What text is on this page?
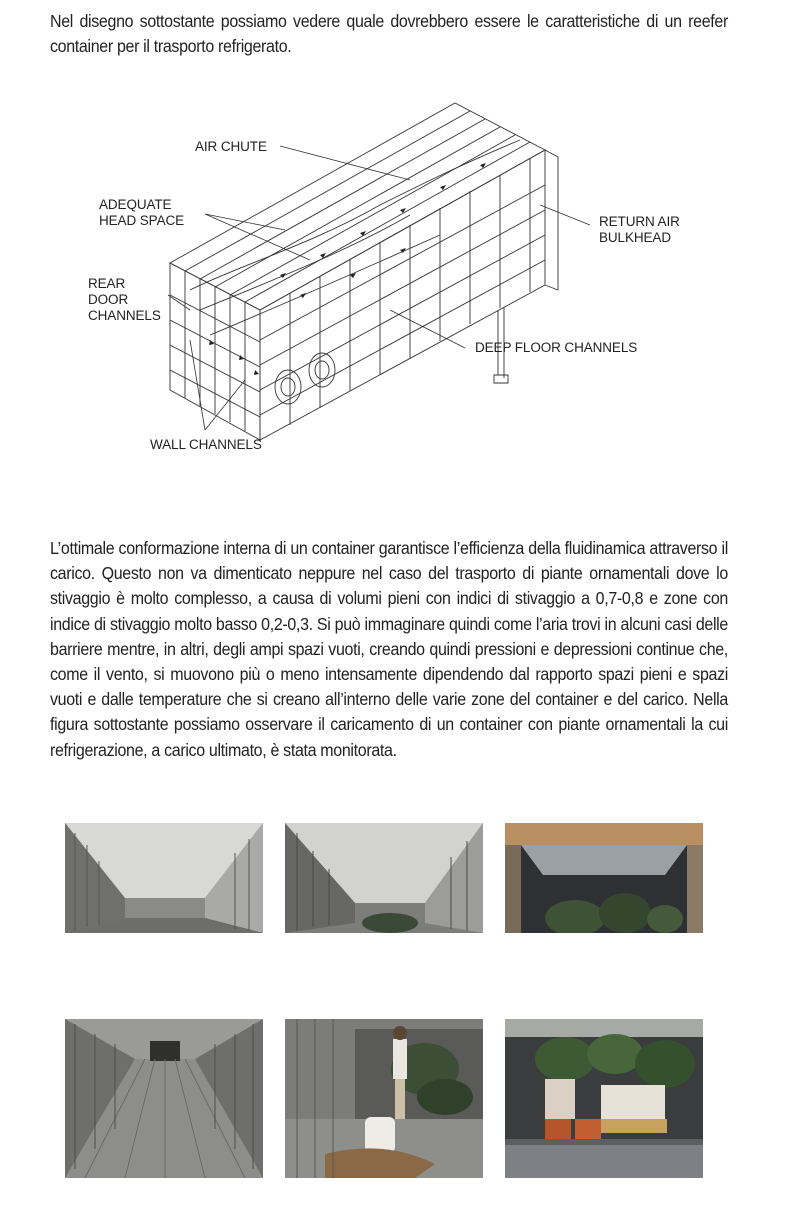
Nel disegno sottostante possiamo vedere quale dovrebbero essere le caratteristiche di un reefer container per il trasporto refrigerato.
AIR CHUTE
ADEQUATE
HEAD SPACE
REAR
DOOR
CHANNELS
RETURN AIR
BULKHEAD
DEEP FLOOR CHANNELS
WALL CHANNELS
L’ottimale conformazione interna di un container garantisce l’efficienza della fluidinamica attraverso il carico. Questo non va dimenticato neppure nel caso del trasporto di piante ornamentali dove lo stivaggio è molto complesso, a causa di volumi pieni con indici di stivaggio a 0,7-0,8 e zone con indice di stivaggio molto basso 0,2-0,3. Si può immaginare quindi come l’aria trovi in alcuni casi delle barriere mentre, in altri, degli ampi spazi vuoti, creando quindi pressioni e depressioni continue che, come il vento, si muovono più o meno intensamente dipendendo dal rapporto spazi pieni e spazi vuoti e dalle temperature che si creano all’interno delle varie zone del container e del carico. Nella figura sottostante possiamo osservare il caricamento di un container con piante ornamentali la cui refrigerazione, a carico ultimato, è stata monitorata.
